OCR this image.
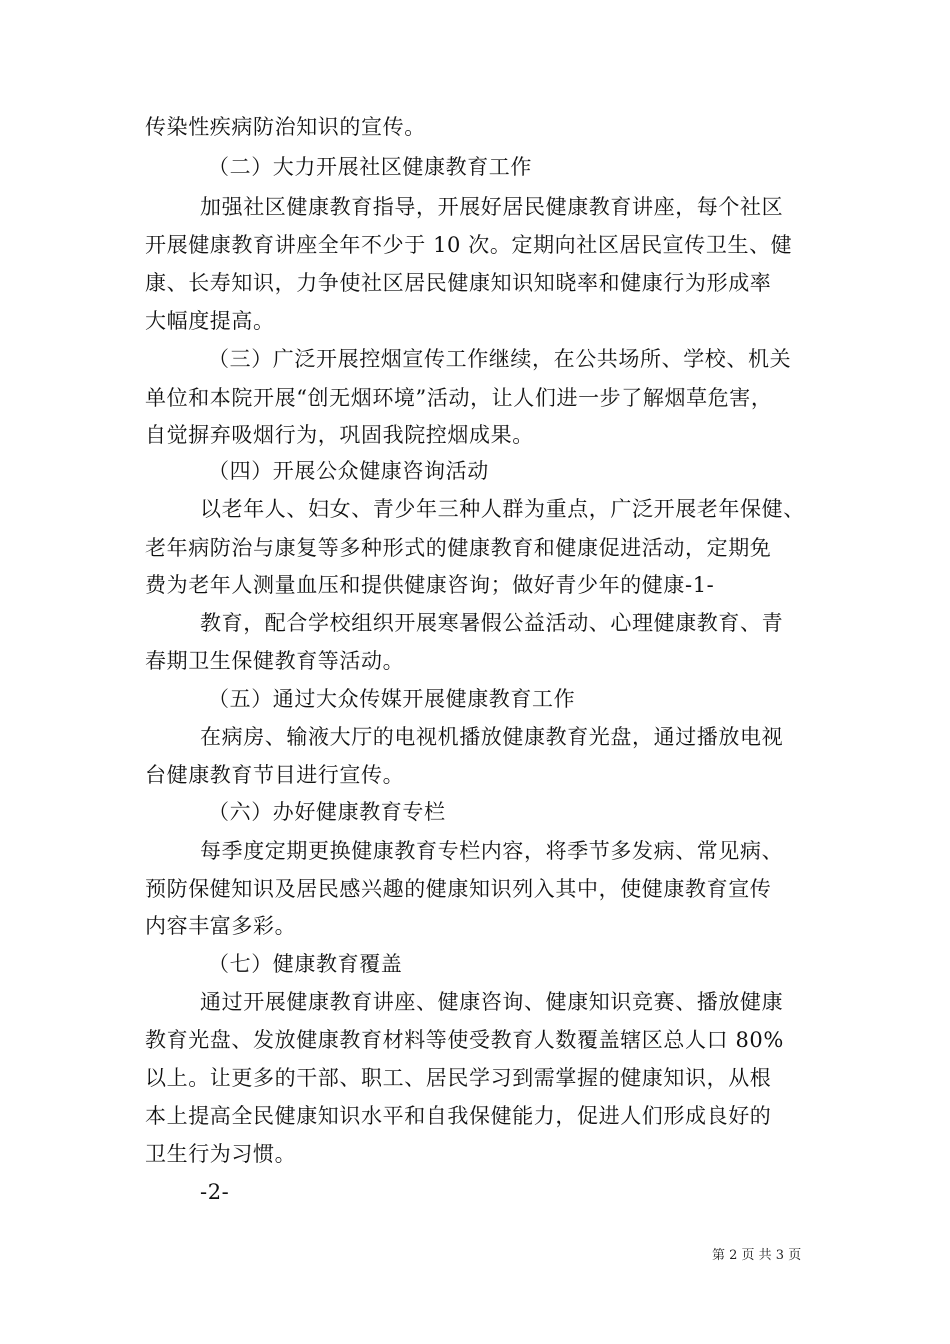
传染性疾病防治知识的宣传。
（二）大力开展社区健康教育工作
加强社区健康教育指导，开展好居民健康教育讲座，每个社区
开展健康教育讲座全年不少于 10 次。定期向社区居民宣传卫生、健
康、长寿知识，力争使社区居民健康知识知晓率和健康行为形成率
大幅度提高。
（三）广泛开展控烟宣传工作继续，在公共场所、学校、机关
单位和本院开展“创无烟环境”活动，让人们进一步了解烟草危害，
自觉摒弃吸烟行为，巩固我院控烟成果。
（四）开展公众健康咨询活动
以老年人、妇女、青少年三种人群为重点，广泛开展老年保健、
老年病防治与康复等多种形式的健康教育和健康促进活动，定期免
费为老年人测量血压和提供健康咨询；做好青少年的健康-1-
教育，配合学校组织开展寒暑假公益活动、心理健康教育、青
春期卫生保健教育等活动。
（五）通过大众传媒开展健康教育工作
在病房、输液大厅的电视机播放健康教育光盘，通过播放电视
台健康教育节目进行宣传。
（六）办好健康教育专栏
每季度定期更换健康教育专栏内容，将季节多发病、常见病、
预防保健知识及居民感兴趣的健康知识列入其中，使健康教育宣传
内容丰富多彩。
（七）健康教育覆盖
通过开展健康教育讲座、健康咨询、健康知识竞赛、播放健康
教育光盘、发放健康教育材料等使受教育人数覆盖辖区总人口 80%
以上。让更多的干部、职工、居民学习到需掌握的健康知识，从根
本上提高全民健康知识水平和自我保健能力，促进人们形成良好的
卫生行为习惯。
-2-
第 2 页 共 3 页
